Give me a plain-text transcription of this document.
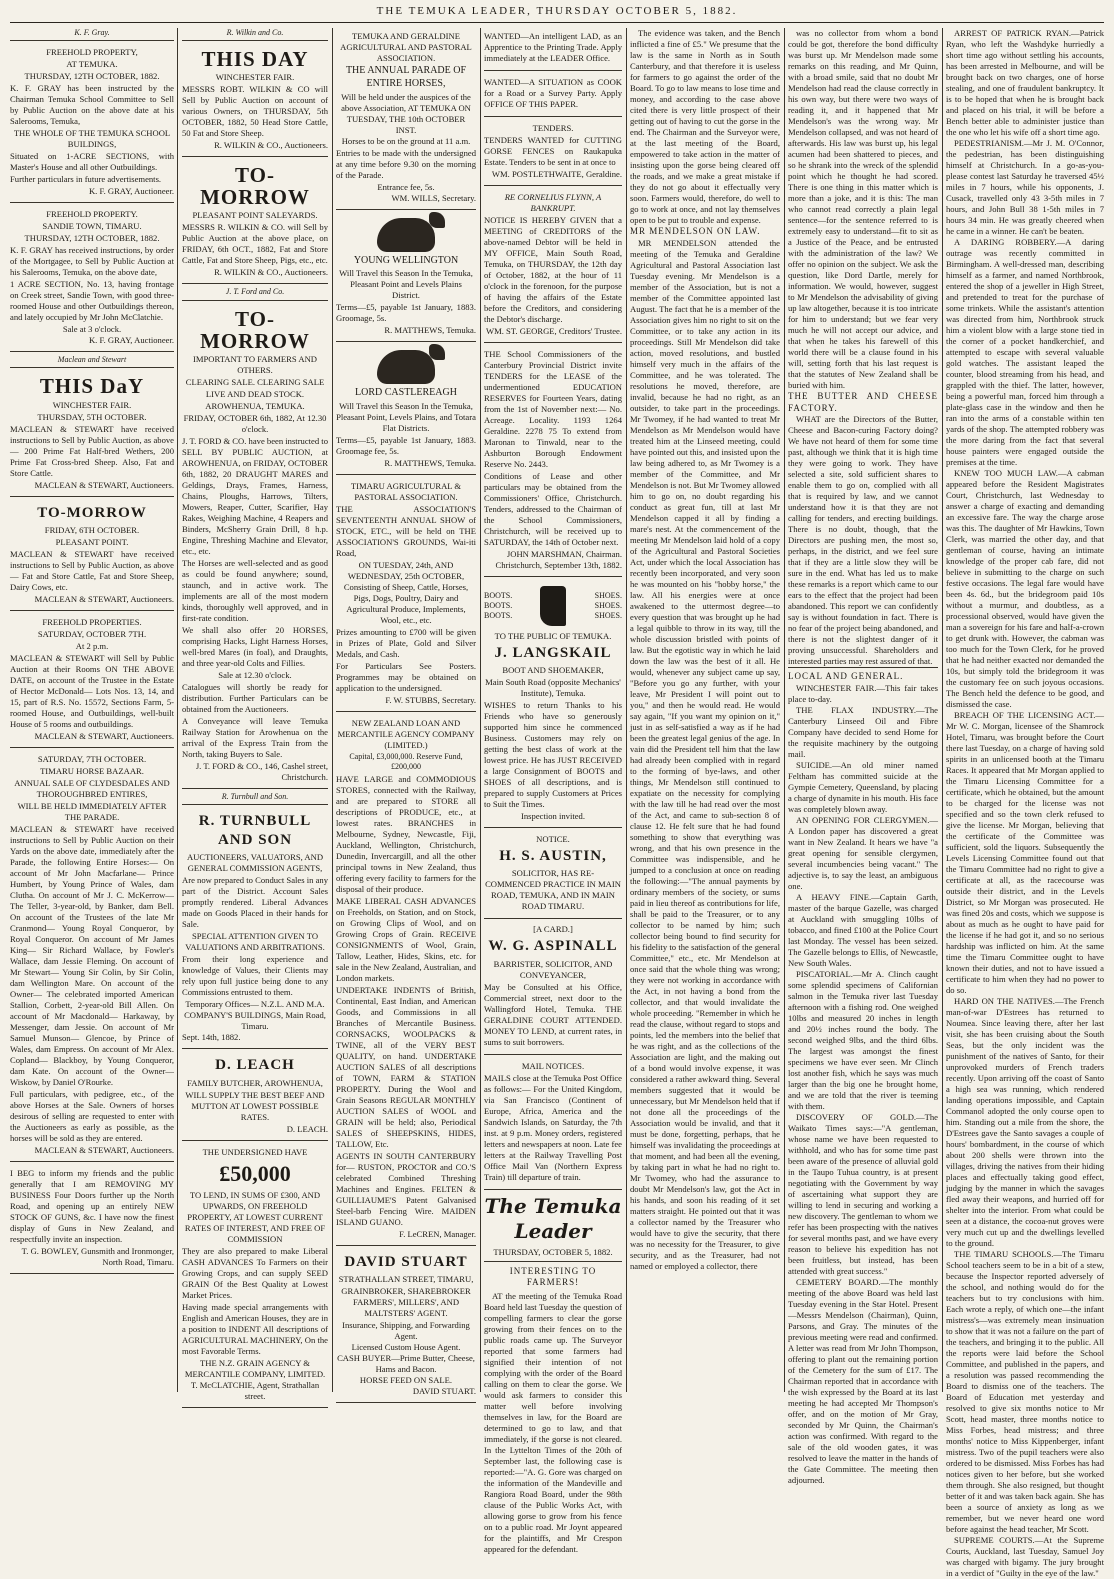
THE TEMUKA LEADER, THURSDAY OCTOBER 5, 1882.
K. F. Gray.

FREEHOLD PROPERTY,

AT TEMUKA.

THURSDAY, 12TH OCTOBER, 1882.

K. F. GRAY has been instructed by the Chairman Temuka School Committee to Sell by Public Auction on the above date at his Salerooms, Temuka,

THE WHOLE OF THE TEMUKA SCHOOL BUILDINGS,

Situated on 1-ACRE SECTIONS, with Master's House and all other Outbuildings.

Further particulars in future advertisements.

K. F. GRAY, Auctioneer.

FREEHOLD PROPERTY.

SANDIE TOWN, TIMARU.

THURSDAY, 12TH OCTOBER, 1882.

K. F. GRAY has received instructions, by order of the Mortgagee, to Sell by Public Auction at his Salerooms, Temuka, on the above date,

1 ACRE SECTION, No. 13, having frontage on Creek street, Sandie Town, with good three-roomed House and other Outbuildings thereon, and lately occupied by Mr John McClatchie.

Sale at 3 o'clock.

K. F. GRAY, Auctioneer.

Maclean and Stewart

THIS DaY

WINCHESTER FAIR.

THURSDAY, 5TH OCTOBER.

MACLEAN & STEWART have received instructions to Sell by Public Auction, as above— 200 Prime Fat Half-bred Wethers, 200 Prime Fat Cross-bred Sheep. Also, Fat and Store Cattle.

MACLEAN & STEWART, Auctioneers.

TO-MORROW

FRIDAY, 6TH OCTOBER.

PLEASANT POINT.

MACLEAN & STEWART have received instructions to Sell by Public Auction, as above— Fat and Store Cattle, Fat and Store Sheep, Dairy Cows, etc.

MACLEAN & STEWART, Auctioneers.

FREEHOLD PROPERTIES.

SATURDAY, OCTOBER 7TH.

At 2 p.m.

MACLEAN & STEWART will Sell by Public Auction at their Rooms ON THE ABOVE DATE, on account of the Trustee in the Estate of Hector McDonald— Lots Nos. 13, 14, and 15, part of R.S. No. 15572, Sections Farm, 5-roomed House, and Outbuildings, well-built House of 5 rooms and outbuildings.

MACLEAN & STEWART, Auctioneers.

SATURDAY, 7TH OCTOBER.

TIMARU HORSE BAZAAR.

ANNUAL SALE OF CLYDESDALES AND THOROUGHBRED ENTIRES,

WILL BE HELD IMMEDIATELY AFTER THE PARADE.

MACLEAN & STEWART have received instructions to Sell by Public Auction on their Yards on the above date, immediately after the Parade, the following Entire Horses:— On account of Mr John Macfarlane— Prince Humbert, by Young Prince of Wales, dam Clutha. On account of Mr J. C. McKerrow— The Teller, 3-year-old, by Banker, dam Bell. On account of the Trustees of the late Mr Cranmond— Young Royal Conqueror, by Royal Conqueror. On account of Mr James King— Sir Richard Wallace, by Fowler's Wallace, dam Jessie Fleming. On account of Mr Stewart— Young Sir Colin, by Sir Colin, dam Wellington Mare. On account of the Owner— The celebrated imported American Stallion, Corbett, 2-year-old Bill Allen. On account of Mr Macdonald— Harkaway, by Messenger, dam Jessie. On account of Mr Samuel Munson— Glencoe, by Prince of Wales, dam Empress. On account of Mr Alex. Copland— Blackboy, by Young Conqueror, dam Kate. On account of the Owner— Wiskow, by Daniel O'Rourke.

Full particulars, with pedigree, etc., of the above Horses at the Sale. Owners of horses desirous of selling are requested to enter with the Auctioneers as early as possible, as the horses will be sold as they are entered.

MACLEAN & STEWART, Auctioneers.

I BEG to inform my friends and the public generally that I am REMOVING MY BUSINESS Four Doors further up the North Road, and opening up an entirely NEW STOCK OF GUNS, &c. I have now the finest display of Guns in New Zealand, and respectfully invite an inspection.

T. G. BOWLEY, Gunsmith and Ironmonger, North Road, Timaru.

R. Wilkin and Co.

THIS DAY

WINCHESTER FAIR.

MESSRS ROBT. WILKIN & CO will Sell by Public Auction on account of various Owners, on THURSDAY, 5th OCTOBER, 1882, 50 Head Store Cattle, 50 Fat and Store Sheep.

R. WILKIN & CO., Auctioneers.

TO-MORROW

PLEASANT POINT SALEYARDS.

MESSRS R. WILKIN & CO. will Sell by Public Auction at the above place, on FRIDAY, 6th OCT., 1882, Fat and Store Cattle, Fat and Store Sheep, Pigs, etc., etc.

R. WILKIN & CO., Auctioneers.

J. T. Ford and Co.

TO-MORROW

IMPORTANT TO FARMERS AND OTHERS.

CLEARING SALE. CLEARING SALE

LIVE AND DEAD STOCK.

AROWHENUA, TEMUKA.

FRIDAY, OCTOBER 6th, 1882, At 12.30 o'clock.

J. T. FORD & CO. have been instructed to SELL BY PUBLIC AUCTION, at AROWHENUA, on FRIDAY, OCTOBER 6th, 1882, 20 DRAUGHT MARES and Geldings, Drays, Frames, Harness, Chains, Ploughs, Harrows, Tilters, Mowers, Reaper, Cutter, Scarifier, Hay Rakes, Weighing Machine, 4 Reapers and Binders, McSherry Grain Drill, 8 h.p. Engine, Threshing Machine and Elevator, etc., etc.

The Horses are well-selected and as good as could be found anywhere; sound, staunch, and in active work. The implements are all of the most modern kinds, thoroughly well approved, and in first-rate condition.

We shall also offer 20 HORSES, comprising Hacks, Light Harness Horses, well-bred Mares (in foal), and Draughts, and three year-old Colts and Fillies.

Sale at 12.30 o'clock.

Catalogues will shortly be ready for distribution. Further Particulars can be obtained from the Auctioneers.

A Conveyance will leave Temuka Railway Station for Arowhenua on the arrival of the Express Train from the North, taking Buyers to Sale.

J. T. FORD & CO., 146, Cashel street, Christchurch.

R. Turnbull and Son.

R. TURNBULL AND SON

AUCTIONEERS, VALUATORS, AND GENERAL COMMISSION AGENTS,

Are now prepared to Conduct Sales in any part of the District. Account Sales promptly rendered. Liberal Advances made on Goods Placed in their hands for Sale.

SPECIAL ATTENTION GIVEN TO VALUATIONS AND ARBITRATIONS.

From their long experience and knowledge of Values, their Clients may rely upon full justice being done to any Commissions entrusted to them.

Temporary Offices— N.Z.L. AND M.A. COMPANY'S BUILDINGS, Main Road, Timaru.

Sept. 14th, 1882.

D. LEACH

FAMILY BUTCHER, AROWHENUA,

WILL SUPPLY THE BEST BEEF AND MUTTON AT LOWEST POSSIBLE RATES.

D. LEACH.

THE UNDERSIGNED HAVE

£50,000

TO LEND, IN SUMS OF £300, AND UPWARDS, ON FREEHOLD PROPERTY, AT LOWEST CURRENT RATES OF INTEREST, AND FREE OF COMMISSION

They are also prepared to make Liberal CASH ADVANCES To Farmers on their Growing Crops, and can supply SEED GRAIN Of the Best Quality at Lowest Market Prices.

Having made special arrangements with English and American Houses, they are in a position to INDENT All descriptions of AGRICULTURAL MACHINERY, On the most Favorable Terms.

THE N.Z. GRAIN AGENCY & MERCANTILE COMPANY, LIMITED. T. McCLATCHIE, Agent, Strathallan street.

TEMUKA AND GERALDINE AGRICULTURAL AND PASTORAL ASSOCIATION.

THE ANNUAL PARADE OF ENTIRE HORSES,

Will be held under the auspices of the above Association, AT TEMUKA ON TUESDAY, THE 10th OCTOBER INST.

Horses to be on the ground at 11 a.m.

Entries to be made with the undersigned at any time before 9.30 on the morning of the Parade.

Entrance fee, 5s.

WM. WILLS, Secretary.

YOUNG WELLINGTON

Will Travel this Season In the Temuka, Pleasant Point and Levels Plains District.

Terms—£5, payable 1st January, 1883. Groomage, 5s.

R. MATTHEWS, Temuka.

LORD CASTLEREAGH

Will Travel this Season In the Temuka, Pleasant Point, Levels Plains, and Totara Flat Districts.

Terms—£5, payable 1st January, 1883. Groomage fee, 5s.

R. MATTHEWS, Temuka.

TIMARU AGRICULTURAL & PASTORAL ASSOCIATION.

THE ASSOCIATION'S SEVENTEENTH ANNUAL SHOW of STOCK, ETC., will be held on THE ASSOCIATION'S GROUNDS, Wai-iti Road,

ON TUESDAY, 24th, AND WEDNESDAY, 25th OCTOBER,

Consisting of Sheep, Cattle, Horses, Pigs, Dogs, Poultry, Dairy and Agricultural Produce, Implements, Wool, etc., etc.

Prizes amounting to £700 will be given in Prizes of Plate, Gold and Silver Medals, and Cash.

For Particulars See Posters. Programmes may be obtained on application to the undersigned.

F. W. STUBBS, Secretary.

NEW ZEALAND LOAN AND MERCANTILE AGENCY COMPANY (LIMITED.)

Capital, £3,000,000. Reserve Fund, £200,000

HAVE LARGE and COMMODIOUS STORES, connected with the Railway, and are prepared to STORE all descriptions of PRODUCE, etc., at lowest rates. BRANCHES in Melbourne, Sydney, Newcastle, Fiji, Auckland, Wellington, Christchurch, Dunedin, Invercargill, and all the other principal towns in New Zealand, thus offering every facility to farmers for the disposal of their produce.

MAKE LIBERAL CASH ADVANCES on Freeholds, on Station, and on Stock, on Growing Clips of Wool, and on Growing Crops of Grain. RECEIVE CONSIGNMENTS of Wool, Grain, Tallow, Leather, Hides, Skins, etc. for sale in the New Zealand, Australian, and London markets.

UNDERTAKE INDENTS of British, Continental, East Indian, and American Goods, and Commissions in all Branches of Mercantile Business. CORNSACKS, WOOLPACKS & TWINE, all of the VERY BEST QUALITY, on hand. UNDERTAKE AUCTION SALES of all descriptions of TOWN, FARM & STATION PROPERTY. During the Wool and Grain Seasons REGULAR MONTHLY AUCTION SALES of WOOL and GRAIN will be held; also, Periodical SALES of SHEEPSKINS, HIDES, TALLOW, Etc.

AGENTS IN SOUTH CANTERBURY for— RUSTON, PROCTOR and CO.'S celebrated Combined Threshing Machines and Engines. FELTEN & GUILLIAUME'S Patent Galvanised Steel-barb Fencing Wire. MAIDEN ISLAND GUANO.

F. LeCREN, Manager.

DAVID STUART

STRATHALLAN STREET, TIMARU,

GRAINBROKER, SHAREBROKER FARMERS', MILLERS', AND MALTSTERS' AGENT.

Insurance, Shipping, and Forwarding Agent.

Licensed Custom House Agent.

CASH BUYER—Prime Butter, Cheese, Hams and Bacon.

HORSE FEED ON SALE.

DAVID STUART.

WANTED—An intelligent LAD, as an Apprentice to the Printing Trade. Apply immediately at the LEADER Office.

WANTED—A SITUATION as COOK for a Road or a Survey Party. Apply OFFICE OF THIS PAPER.

TENDERS.

TENDERS WANTED for CUTTING GORSE FENCES on Raukapuka Estate. Tenders to be sent in at once to

WM. POSTLETHWAITE, Geraldine.

RE CORNELIUS FLYNN, A BANKRUPT.

NOTICE IS HEREBY GIVEN that a MEETING of CREDITORS of the above-named Debtor will be held in MY OFFICE, Main South Road, Temuka, on THURSDAY, the 12th day of October, 1882, at the hour of 11 o'clock in the forenoon, for the purpose of having the affairs of the Estate before the Creditors, and considering the Debtor's discharge.

WM. ST. GEORGE, Creditors' Trustee.

THE School Commissioners of the Canterbury Provincial District invite TENDERS for the LEASE of the undermentioned EDUCATION RESERVES for Fourteen Years, dating from the 1st of November next:— No. Acreage. Locality. 1193 1264 Geraldine. 2278 75 To extend from Maronan to Tinwald, near to the Ashburton Borough Endowment Reserve No. 2443.

Conditions of Lease and other particulars may be obtained from the Commissioners' Office, Christchurch. Tenders, addressed to the Chairman of the School Commissioners, Christchurch, will be received up to SATURDAY, the 14th of October next.

JOHN MARSHMAN, Chairman. Christchurch, September 13th, 1882.

BOOTS. BOOTS. BOOTS.

SHOES. SHOES. SHOES.

TO THE PUBLIC OF TEMUKA.

J. LANGSKAIL

BOOT AND SHOEMAKER,

Main South Road (opposite Mechanics' Institute), Temuka.

WISHES to return Thanks to his Friends who have so generously supported him since he commenced Business. Customers may rely on getting the best class of work at the lowest price. He has JUST RECEIVED a large Consignment of BOOTS and SHOES of all descriptions, and is prepared to supply Customers at Prices to Suit the Times.

Inspection invited.

NOTICE.

H. S. AUSTIN,

SOLICITOR, HAS RE-COMMENCED PRACTICE IN MAIN ROAD, TEMUKA, AND IN MAIN ROAD TIMARU.

[A CARD.]

W. G. ASPINALL

BARRISTER, SOLICITOR, AND CONVEYANCER,

May be Consulted at his Office, Commercial street, next door to the Wallingford Hotel, Temuka. THE GERALDINE COURT ATTENDED. MONEY TO LEND, at current rates, in sums to suit borrowers.

MAIL NOTICES.

MAILS close at the Temuka Post Office as follows:— For the United Kingdom, via San Francisco (Continent of Europe, Africa, America and the Sandwich Islands, on Saturday, the 7th inst. at 9 p.m. Money orders, registered letters and newspapers at noon. Late fee letters at the Railway Travelling Post Office Mail Van (Northern Express Train) till departure of train.

The Temuka Leader

THURSDAY, OCTOBER 5, 1882.

INTERESTING TO FARMERS!

AT the meeting of the Temuka Road Board held last Tuesday the question of compelling farmers to clear the gorse growing from their fences on to the public roads came up. The Surveyor reported that some farmers had signified their intention of not complying with the order of the Board calling on them to clear the gorse. We would ask farmers to consider this matter well before involving themselves in law, for the Board are determined to go to law, and that immediately, if the gorse is not cleared. In the Lyttelton Times of the 20th of September last, the following case is reported:—"A. G. Gore was charged on the information of the Mandeville and Rangiora Road Board, under the 98th clause of the Public Works Act, with allowing gorse to grow from his fence on to a public road. Mr Joynt appeared for the plaintiffs, and Mr Crespon appeared for the defendant.

The evidence was taken, and the Bench inflicted a fine of £5." We presume that the law is the same in North as in South Canterbury, and that therefore it is useless for farmers to go against the order of the Board. To go to law means to lose time and money, and according to the case above cited there is very little prospect of their getting out of having to cut the gorse in the end. The Chairman and the Surveyor were, at the last meeting of the Board, empowered to take action in the matter of insisting upon the gorse being cleared off the roads, and we make a great mistake if they do not go about it effectually very soon. Farmers would, therefore, do well to go to work at once, and not lay themselves open to be put to trouble and expense.

MR MENDELSON ON LAW.

MR MENDELSON attended the meeting of the Temuka and Geraldine Agricultural and Pastoral Association last Tuesday evening. Mr Mendelson is a member of the Association, but is not a member of the Committee appointed last August. The fact that he is a member of the Association gives him no right to sit on the Committee, or to take any action in its proceedings. Still Mr Mendelson did take action, moved resolutions, and bustled himself very much in the affairs of the Committee, and he was tolerated. The resolutions he moved, therefore, are invalid, because he had no right, as an outsider, to take part in the proceedings. Mr Twomey, if he had wanted to treat Mr Mendelson as Mr Mendelson would have treated him at the Linseed meeting, could have pointed out this, and insisted upon the law being adhered to, as Mr Twomey is a member of the Committee, and Mr Mendelson is not. But Mr Twomey allowed him to go on, no doubt regarding his conduct as great fun, till at last Mr Mendelson capped it all by finding a mare's nest. At the commencement of the meeting Mr Mendelson laid hold of a copy of the Agricultural and Pastoral Societies Act, under which the local Association has recently been incorporated, and very soon he was mounted on his "hobby horse," the law. All his energies were at once awakened to the uttermost degree—to every question that was brought up he had a legal quibble to throw in its way, till the whole discussion bristled with points of law. But the egotistic way in which he laid down the law was the best of it all. He would, whenever any subject came up say, "Before you go any further, with your leave, Mr President I will point out to you," and then he would read. He would say again, "If you want my opinion on it," just in as self-satisfied a way as if he had been the greatest legal genius of the age. In vain did the President tell him that the law had already been complied with in regard to the forming of bye-laws, and other things, Mr Mendelson still continued to expatiate on the necessity for complying with the law till he had read over the most of the Act, and came to sub-section 8 of clause 12. He felt sure that he had found something to show that everything was wrong, and that his own presence in the Committee was indispensible, and he jumped to a conclusion at once on reading the following:—"The annual payments by ordinary members of the society, or sums paid in lieu thereof as contributions for life, shall be paid to the Treasurer, or to any collector to be named by him; such collector being bound to find security for his fidelity to the satisfaction of the general Committee," etc., etc. Mr Mendelson at once said that the whole thing was wrong; they were not working in accordance with the Act, in not having a bond from the collector, and that would invalidate the whole proceeding. "Remember in which he read the clause, without regard to stops and points, led the members into the belief that he was right, and as the collections of the Association are light, and the making out of a bond would involve expense, it was considered a rather awkward thing. Several members suggested that it would be unnecessary, but Mr Mendelson held that if not done all the proceedings of the Association would be invalid, and that it must be done, forgetting, perhaps, that he himself was invalidating the proceedings at that moment, and had been all the evening, by taking part in what he had no right to. Mr Twomey, who had the assurance to doubt Mr Mendelson's law, got the Act in his hands, and soon his reading of it set matters straight. He pointed out that it was a collector named by the Treasurer who would have to give the security, that there was no necessity for the Treasurer, to give security, and as the Treasurer, had not named or employed a collector, there

was no collector from whom a bond could be got, therefore the bond difficulty was burst up. Mr Mendelson made some remarks on this reading, and Mr Quinn, with a broad smile, said that no doubt Mr Mendelson had read the clause correctly in his own way, but there were two ways of reading it, and it happened that Mr Mendelson's was the wrong way. Mr Mendelson collapsed, and was not heard of afterwards. His law was burst up, his legal acumen had been shattered to pieces, and so he shrank into the wreck of the splendid point which he thought he had scored. There is one thing in this matter which is more than a joke, and it is this: The man who cannot read correctly a plain legal sentence—for the sentence referred to is extremely easy to understand—fit to sit as a Justice of the Peace, and be entrusted with the administration of the law? We offer no opinion on the subject. We ask the question, like Dord Dartle, merely for information. We would, however, suggest to Mr Mendelson the advisability of giving up law altogether, because it is too intricate for him to understand; but we fear very much he will not accept our advice, and that when he takes his farewell of this world there will be a clause found in his will, setting forth that his last request is that the statutes of New Zealand shall be buried with him.

THE BUTTER AND CHEESE FACTORY.

WHAT are the Directors of the Butter, Cheese and Bacon-curing Factory doing? We have not heard of them for some time past, although we think that it is high time they were going to work. They have selected a site, sold sufficient shares to enable them to go on, complied with all that is required by law, and we cannot understand how it is that they are not calling for tenders, and erecting buildings. There is no doubt, though, that the Directors are pushing men, the most so, perhaps, in the district, and we feel sure that if they are a little slow they will be sure in the end. What has led us to make these remarks is a report which came to our ears to the effect that the project had been abandoned. This report we can confidently say is without foundation in fact. There is no fear of the project being abandoned, and there is not the slightest danger of it proving unsuccessful. Shareholders and interested parties may rest assured of that.

LOCAL AND GENERAL.

WINCHESTER FAIR.—This fair takes place to-day.

THE FLAX INDUSTRY.—The Canterbury Linseed Oil and Fibre Company have decided to send Home for the requisite machinery by the outgoing mail.

SUICIDE.—An old miner named Feltham has committed suicide at the Gympie Cemetery, Queensland, by placing a charge of dynamite in his mouth. His face was completely blown away.

AN OPENING FOR CLERGYMEN.—A London paper has discovered a great want in New Zealand. It hears we have "a great opening for sensible clergymen, several incumbencies being vacant." The adjective is, to say the least, an ambiguous one.

A HEAVY FINE.—Captain Garth, master of the barque Gazelle, was charged at Auckland with smuggling 10lbs of tobacco, and fined £100 at the Police Court last Monday. The vessel has been seized. The Gazelle belongs to Ellis, of Newcastle, New South Wales.

PISCATORIAL.—Mr A. Clinch caught some splendid specimens of Californian salmon in the Temuka river last Tuesday afternoon with a fishing rod. One weighed 10lbs and measured 20 inches in length and 20½ inches round the body. The second weighed 9lbs, and the third 6lbs. The largest was amongst the finest specimens we have ever seen. Mr Clinch lost another fish, which he says was much larger than the big one he brought home, and we are told that the river is teeming with them.

DISCOVERY OF GOLD.—The Waikato Times says:—"A gentleman, whose name we have been requested to withhold, and who has for some time past been aware of the presence of alluvial gold in the Taupo Tuhua country, is at present negotiating with the Government by way of ascertaining what support they are willing to lend in securing and working a new discovery. The gentleman to whom we refer has been prospecting with the natives for several months past, and we have every reason to believe his expedition has not been fruitless, but instead, has been attended with great success."

CEMETERY BOARD.—The monthly meeting of the above Board was held last Tuesday evening in the Star Hotel. Present—Messrs Mendelson (Chairman), Quinn, Parsons, and Gray. The minutes of the previous meeting were read and confirmed. A letter was read from Mr John Thompson, offering to plant out the remaining portion of the Cemetery for the sum of £17. The Chairman reported that in accordance with the wish expressed by the Board at its last meeting he had accepted Mr Thompson's offer, and on the motion of Mr Gray, seconded by Mr Quinn, the Chairman's action was confirmed. With regard to the sale of the old wooden gates, it was resolved to leave the matter in the hands of the Gate Committee. The meeting then adjourned.

ARREST OF PATRICK RYAN.—Patrick Ryan, who left the Washdyke hurriedly a short time ago without settling his accounts, has been arrested in Melbourne, and will be brought back on two charges, one of horse stealing, and one of fraudulent bankruptcy. It is to be hoped that when he is brought back and placed on his trial, it will be before a Bench better able to administer justice than the one who let his wife off a short time ago.

PEDESTRIANISM.—Mr J. M. O'Connor, the pedestrian, has been distinguishing himself at Christchurch. In a go-as-you-please contest last Saturday he traversed 45½ miles in 7 hours, while his opponents, J. Cusack, travelled only 43 3-5th miles in 7 hours, and John Bull 38 1-5th miles in 7 hours 34 min. He was greatly cheered when he came in a winner. He can't be beaten.

A DARING ROBBERY.—A daring outrage was recently committed in Birmingham. A well-dressed man, describing himself as a farmer, and named Northbrook, entered the shop of a jeweller in High Street, and pretended to treat for the purchase of some trinkets. While the assistant's attention was directed from him, Northbrook struck him a violent blow with a large stone tied in the corner of a pocket handkerchief, and attempted to escape with several valuable gold watches. The assistant leaped the counter, blood streaming from his head, and grappled with the thief. The latter, however, being a powerful man, forced him through a plate-glass case in the window and then he ran into the arms of a constable within ten yards of the shop. The attempted robbery was the more daring from the fact that several house painters were engaged outside the premises at the time.

KNEW TOO MUCH LAW.—A cabman appeared before the Resident Magistrates Court, Christchurch, last Wednesday to answer a charge of exacting and demanding an excessive fare. The way the charge arose was this. The daughter of Mr Hawkins, Town Clerk, was married the other day, and that gentleman of course, having an intimate knowledge of the proper cab fare, did not believe in submitting to the charge on such festive occasions. The legal fare would have been 4s. 6d., but the bridegroom paid 10s without a murmur, and doubtless, as a processional observed, would have given the man a sovereign for his fare and half-a-crown to get drunk with. However, the cabman was too much for the Town Clerk, for he proved that he had neither exacted nor demanded the 10s, but simply told the bridegroom it was the customary fee on such joyous occasions. The Bench held the defence to be good, and dismissed the case.

BREACH OF THE LICENSING ACT.—Mr W. C. Morgan, licensee of the Shamrock Hotel, Timaru, was brought before the Court there last Tuesday, on a charge of having sold spirits in an unlicensed booth at the Timaru Races. It appeared that Mr Morgan applied to the Timaru Licensing Committee for a certificate, which he obtained, but the amount to be charged for the license was not specified and so the town clerk refused to give the license. Mr Morgan, believing that the certificate of the Committee was sufficient, sold the liquors. Subsequently the Levels Licensing Committee found out that the Timaru Committee had no right to give a certificate at all, as the racecourse was outside their district, and in the Levels District, so Mr Morgan was prosecuted. He was fined 20s and costs, which we suppose is about as much as he ought to have paid for the license if he had got it, and so no serious hardship was inflicted on him. At the same time the Timaru Committee ought to have known their duties, and not to have issued a certificate to him when they had no power to do so.

HARD ON THE NATIVES.—The French man-of-war D'Estrees has returned to Noumea. Since leaving there, after her last visit, she has been cruising about the South Seas, but the only incident was the punishment of the natives of Santo, for their unprovoked murders of French traders recently. Upon arriving off the coast of Santo a high sea was running, which rendered landing operations impossible, and Captain Commanol adopted the only course open to him. Standing out a mile from the shore, the D'Estrees gave the Santo savages a couple of hours' bombardment, in the course of which about 200 shells were thrown into the villages, driving the natives from their hiding places and effectually taking good effect, judging by the manner in which the savages fled away their weapons, and hurried off for shelter into the interior. From what could be seen at a distance, the cocoa-nut groves were very much cut up and the dwellings levelled to the ground.

THE TIMARU SCHOOLS.—The Timaru School teachers seem to be in a bit of a stew, because the Inspector reported adversely of the school, and nothing would do for the teachers but to try conclusions with him. Each wrote a reply, of which one—the infant mistress's—was extremely mean insinuation to show that it was not a failure on the part of the teachers, and bringing it to the public. All the reports were laid before the School Committee, and published in the papers, and a resolution was passed recommending the Board to dismiss one of the teachers. The Board of Education met yesterday and resolved to give six months notice to Mr Scott, head master, three months notice to Miss Forbes, head mistress; and three months' notice to Miss Kippenberger, infant mistress. Two of the pupil teachers were also ordered to be dismissed. Miss Forbes has had notices given to her before, but she worked them through. She also resigned, but thought better of it and was taken back again. She has been a source of anxiety as long as we remember, but we never heard one word before against the head teacher, Mr Scott.

SUPREME COURTS.—At the Supreme Courts, Auckland, last Tuesday, Samuel Joy was charged with bigamy. The jury brought in a verdict of "Guilty in the eye of the law."
